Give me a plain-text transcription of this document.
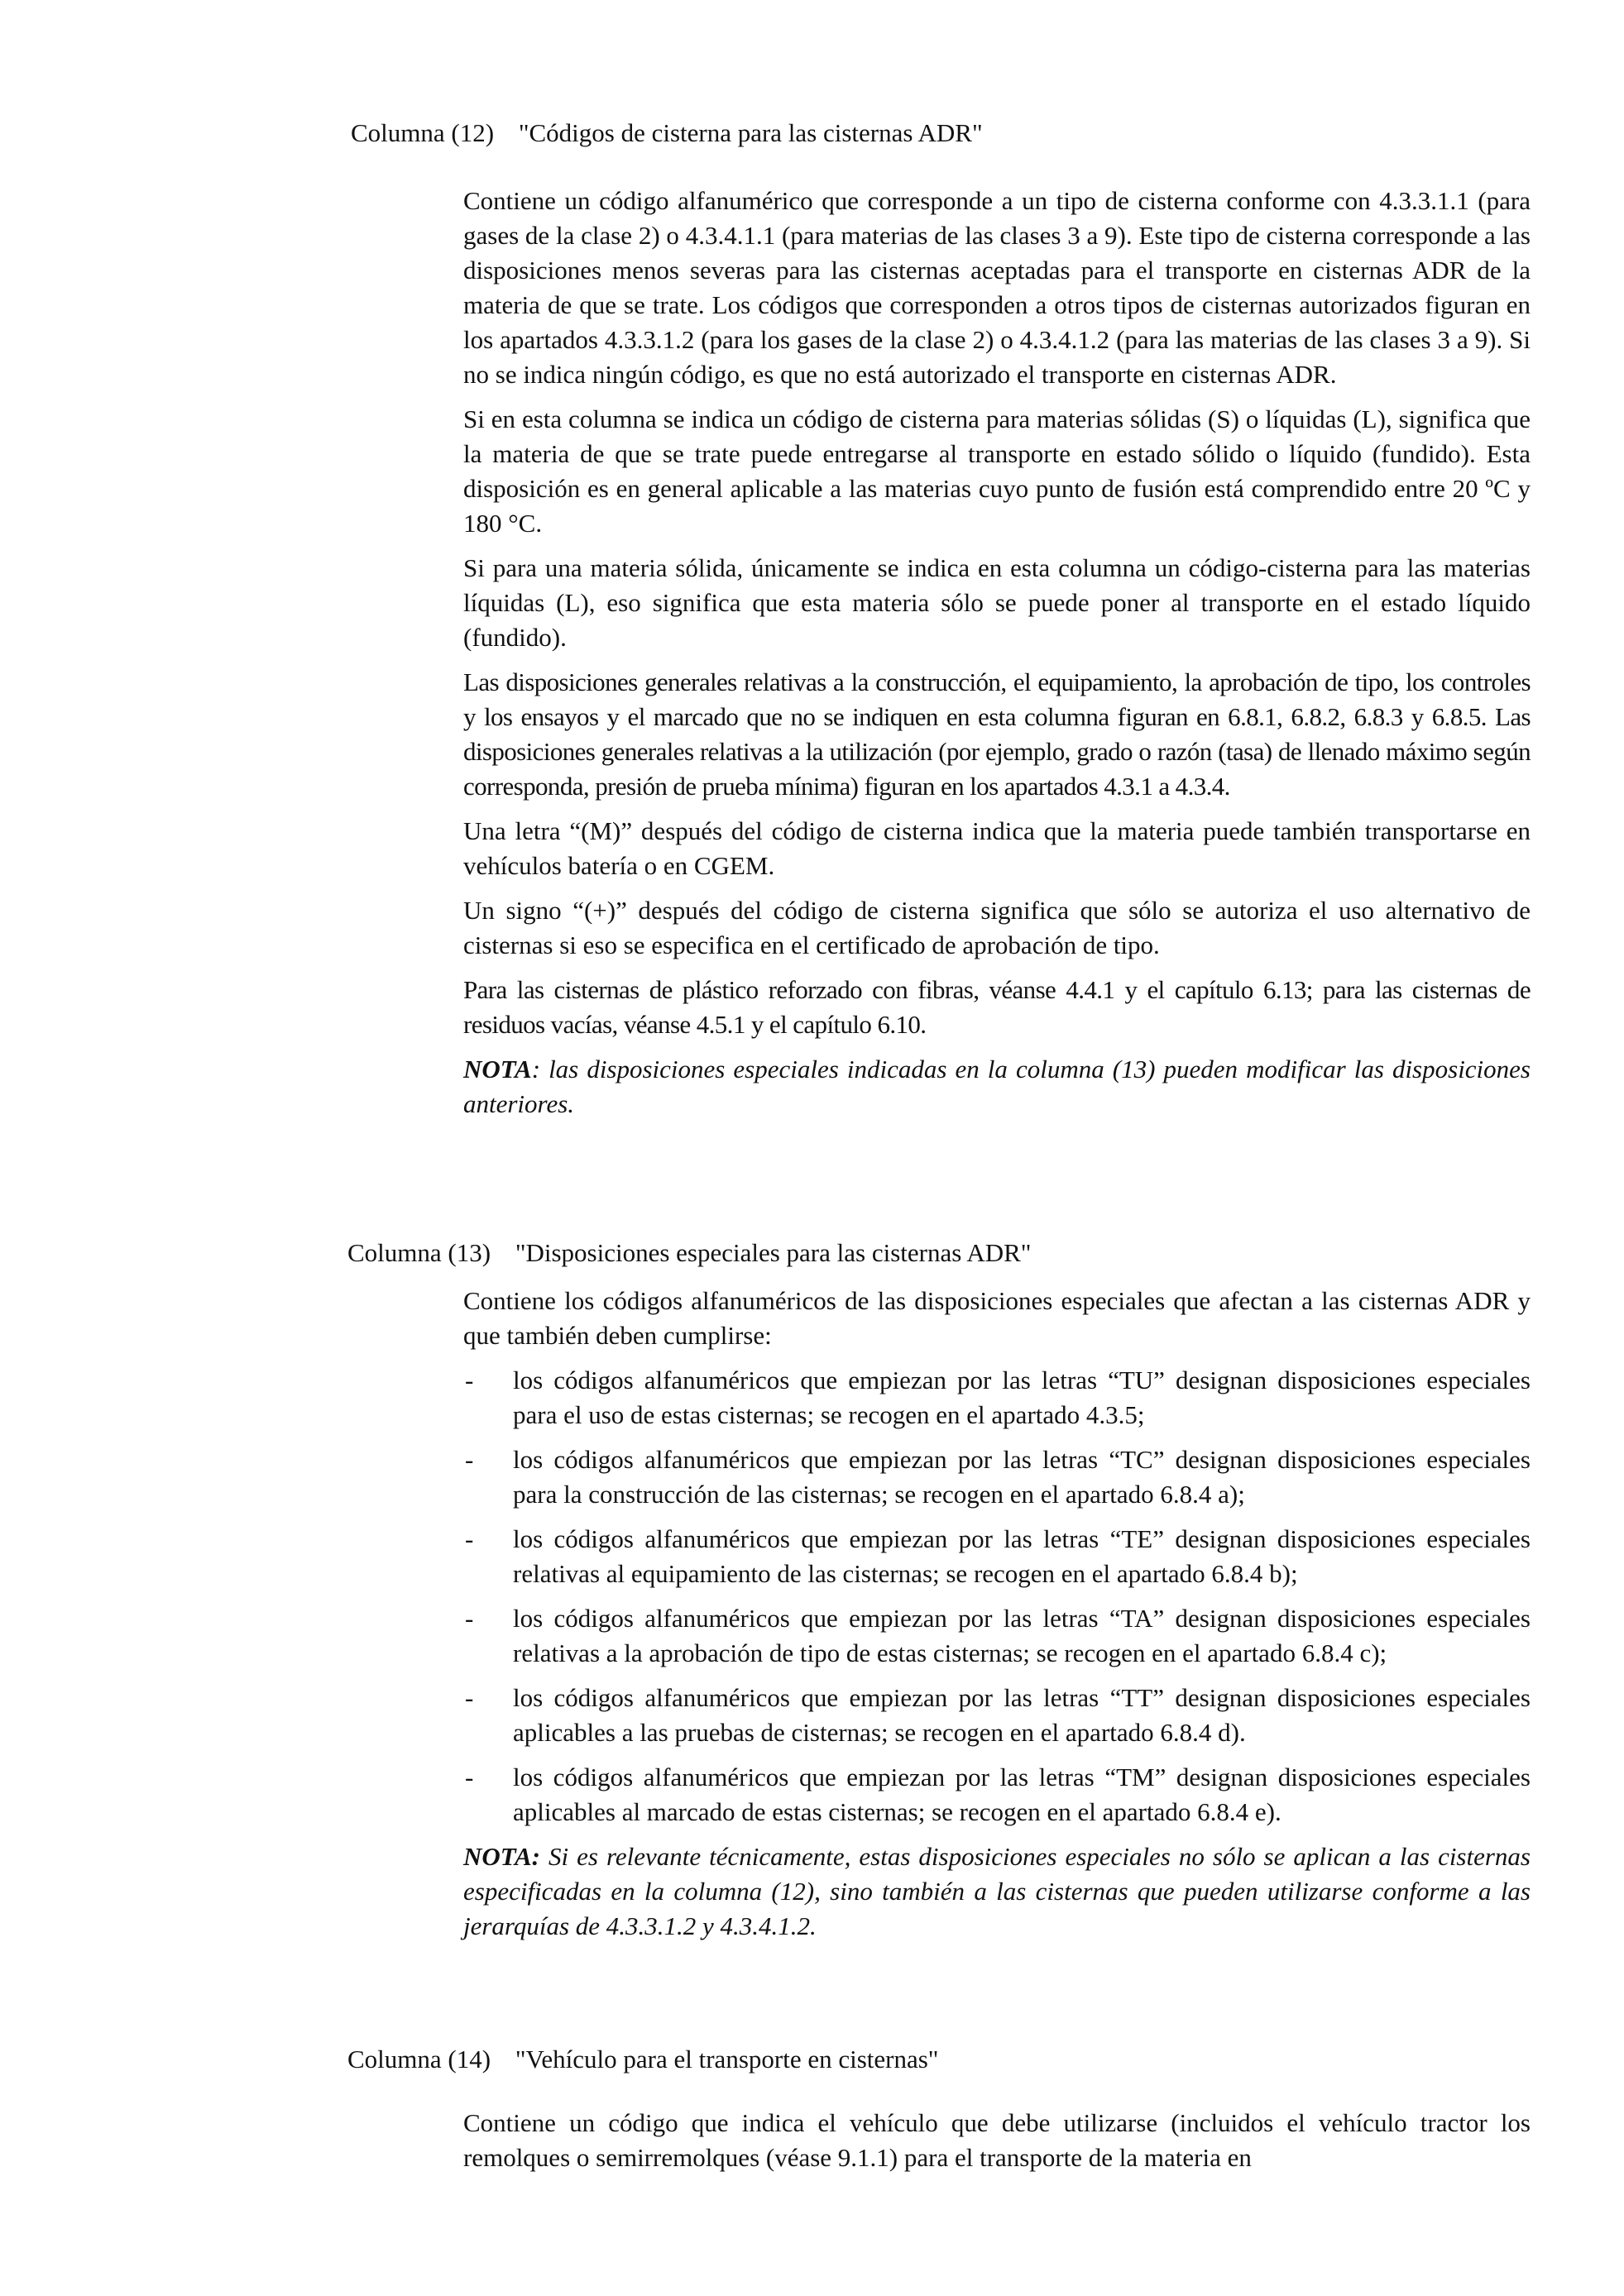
Columna (12) "Códigos de cisterna para las cisternas ADR"

Contiene un código alfanumérico que corresponde a un tipo de cisterna conforme con 4.3.3.1.1 (para gases de la clase 2) o 4.3.4.1.1 (para materias de las clases 3 a 9). Este tipo de cisterna corresponde a las disposiciones menos severas para las cisternas aceptadas para el transporte en cisternas ADR de la materia de que se trate. Los códigos que corresponden a otros tipos de cisternas autorizados figuran en los apartados 4.3.3.1.2 (para los gases de la clase 2) o 4.3.4.1.2 (para las materias de las clases 3 a 9). Si no se indica ningún código, es que no está autorizado el transporte en cisternas ADR.

Si en esta columna se indica un código de cisterna para materias sólidas (S) o líquidas (L), significa que la materia de que se trate puede entregarse al transporte en estado sólido o líquido (fundido). Esta disposición es en general aplicable a las materias cuyo punto de fusión está comprendido entre 20 ºC y 180 °C.

Si para una materia sólida, únicamente se indica en esta columna un código-cisterna para las materias líquidas (L), eso significa que esta materia sólo se puede poner al transporte en el estado líquido (fundido).

Las disposiciones generales relativas a la construcción, el equipamiento, la aprobación de tipo, los controles y los ensayos y el marcado que no se indiquen en esta columna figuran en 6.8.1, 6.8.2, 6.8.3 y 6.8.5. Las disposiciones generales relativas a la utilización (por ejemplo, grado o razón (tasa) de llenado máximo según corresponda, presión de prueba mínima) figuran en los apartados 4.3.1 a 4.3.4.

Una letra “(M)” después del código de cisterna indica que la materia puede también transportarse en vehículos batería o en CGEM.

Un signo “(+)” después del código de cisterna significa que sólo se autoriza el uso alternativo de cisternas si eso se especifica en el certificado de aprobación de tipo.

Para las cisternas de plástico reforzado con fibras, véanse 4.4.1 y el capítulo 6.13; para las cisternas de residuos vacías, véanse 4.5.1 y el capítulo 6.10.

NOTA: las disposiciones especiales indicadas en la columna (13) pueden modificar las disposiciones anteriores.

Columna (13) "Disposiciones especiales para las cisternas ADR"

Contiene los códigos alfanuméricos de las disposiciones especiales que afectan a las cisternas ADR y que también deben cumplirse:

- los códigos alfanuméricos que empiezan por las letras “TU” designan disposiciones especiales para el uso de estas cisternas; se recogen en el apartado 4.3.5;
- los códigos alfanuméricos que empiezan por las letras “TC” designan disposiciones especiales para la construcción de las cisternas; se recogen en el apartado 6.8.4 a);
- los códigos alfanuméricos que empiezan por las letras “TE” designan disposiciones especiales relativas al equipamiento de las cisternas; se recogen en el apartado 6.8.4 b);
- los códigos alfanuméricos que empiezan por las letras “TA” designan disposiciones especiales relativas a la aprobación de tipo de estas cisternas; se recogen en el apartado 6.8.4 c);
- los códigos alfanuméricos que empiezan por las letras “TT” designan disposiciones especiales aplicables a las pruebas de cisternas; se recogen en el apartado 6.8.4 d).
- los códigos alfanuméricos que empiezan por las letras “TM” designan disposiciones especiales aplicables al marcado de estas cisternas; se recogen en el apartado 6.8.4 e).

NOTA: Si es relevante técnicamente, estas disposiciones especiales no sólo se aplican a las cisternas especificadas en la columna (12), sino también a las cisternas que pueden utilizarse conforme a las jerarquías de 4.3.3.1.2 y 4.3.4.1.2.

Columna (14) "Vehículo para el transporte en cisternas"

Contiene un código que indica el vehículo que debe utilizarse (incluidos el vehículo tractor los remolques o semirremolques (véase 9.1.1) para el transporte de la materia en
